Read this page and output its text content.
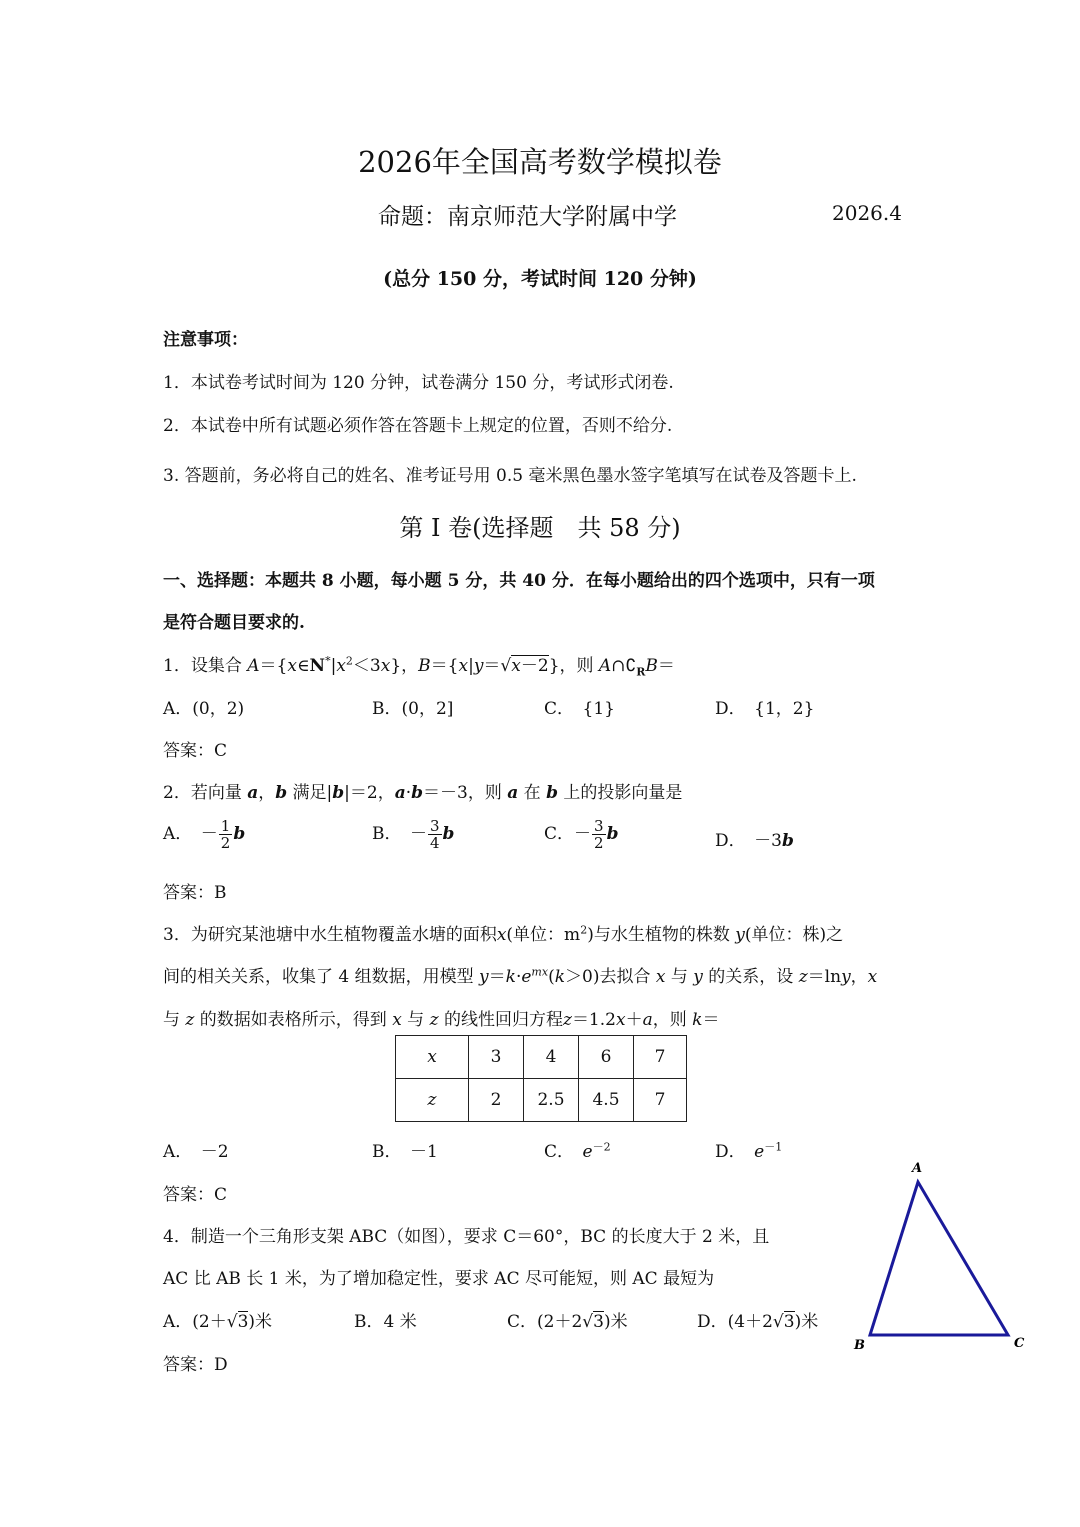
2026年全国高考数学模拟卷
命题：南京师范大学附属中学	2026.4
(总分 150 分，考试时间 120 分钟)
注意事项：
1．本试卷考试时间为 120 分钟，试卷满分 150 分，考试形式闭卷.
2．本试卷中所有试题必须作答在答题卡上规定的位置，否则不给分.
3. 答题前，务必将自己的姓名、准考证号用 0.5 毫米黑色墨水签字笔填写在试卷及答题卡上.
第 I 卷(选择题　共 58 分)
一、选择题：本题共 8 小题，每小题 5 分，共 40 分．在每小题给出的四个选项中，只有一项
是符合题目要求的.
1．设集合 $A=\{x\in N^*|x^2<3x\}$，B＝{x|y＝√x－2}，则 $A\cap∁_RB=$
A．(0，2)	B．(0，2]	C．　{1}	D．　{1，2}
答案：C
2．若向量 a，b 满足|b|＝2，a·b＝－3，则 a 在 b 上的投影向量是
A．　－ $\frac{1}{2}$ b	B．　－ $\frac{3}{4}$ b	C．－ $\frac{3}{2}$ b	D．　－3b
答案：B
3．为研究某池塘中水生植物覆盖水塘的面积x(单位：$m^2$)与水生植物的株数 y(单位：株)之
间的相关关系，收集了 4 组数据，用模型 $y=k\cdot e^{mx}(k>0)$去拟合 x 与 y 的关系，设 z＝lny，x
与 z 的数据如表格所示，得到 x 与 z 的线性回归方程z＝1.2x＋a，则 k＝
x	3	4	6	7
z	2	2.5	4.5	7
A．　－2	B．　－1	C．　 $e^{-2}$	D．　 $e^{-1}$
答案：C
4．制造一个三角形支架 ABC（如图），要求 C＝60°，BC 的长度大于 2 米，且
AC 比 AB 长 1 米，为了增加稳定性，要求 AC 尽可能短，则 AC 最短为
A．(2＋√3)米	B．4 米	C．(2＋2√3)米	D．(4＋2√3)米
答案：D
A
B	C
